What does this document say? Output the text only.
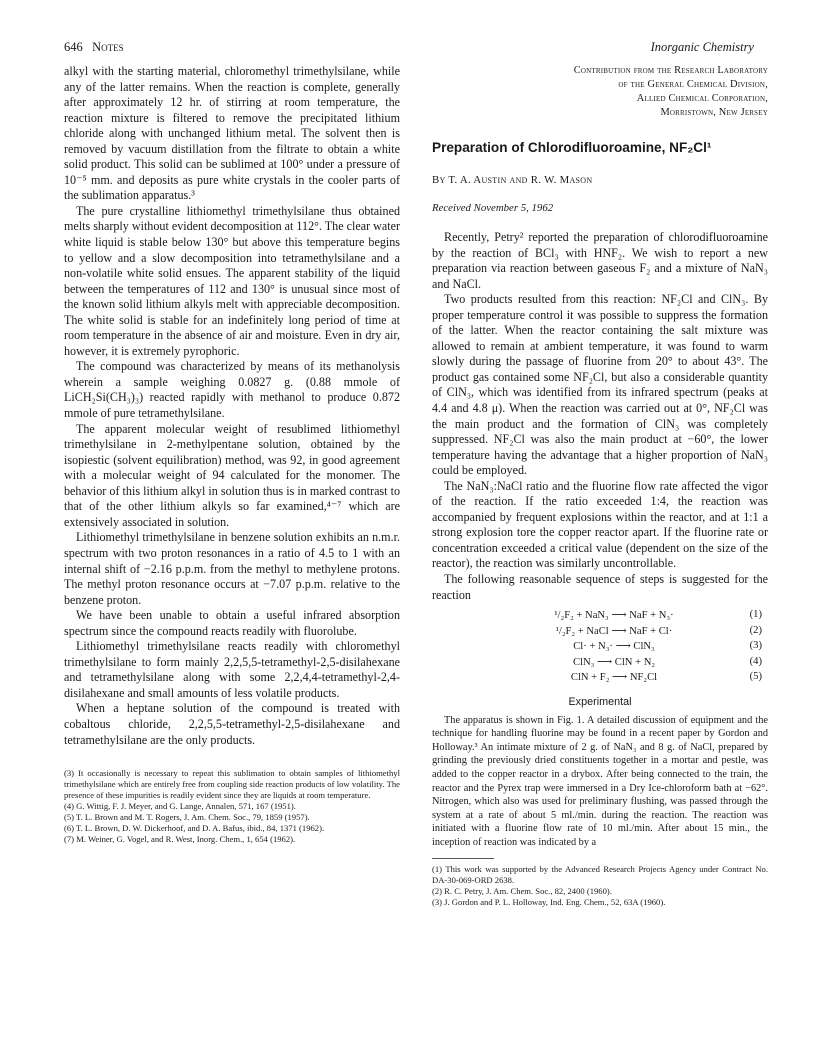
646 Notes	Inorganic Chemistry

alkyl with the starting material, chloromethyl trimethylsilane, while any of the latter remains. When the reaction is complete, generally after approximately 12 hr. of stirring at room temperature, the reaction mixture is filtered to remove the precipitated lithium chloride along with unchanged lithium metal. The solvent then is removed by vacuum distillation from the filtrate to obtain a white solid product. This solid can be sublimed at 100° under a pressure of 10⁻⁵ mm. and deposits as pure white crystals in the cooler parts of the sublimation apparatus.³

The pure crystalline lithiomethyl trimethylsilane thus obtained melts sharply without evident decomposition at 112°. The clear water white liquid is stable below 130° but above this temperature begins to yellow and a slow decomposition into tetramethylsilane and a non-volatile white solid ensues. The apparent stability of the liquid between the temperatures of 112 and 130° is unusual since most of the known solid lithium alkyls melt with appreciable decomposition. The white solid is stable for an indefinitely long period of time at room temperature in the absence of air and moisture. Even in dry air, however, it is extremely pyrophoric.

The compound was characterized by means of its methanolysis wherein a sample weighing 0.0827 g. (0.88 mmole of LiCH₂Si(CH₃)₃) reacted rapidly with methanol to produce 0.872 mmole of pure tetramethylsilane.

The apparent molecular weight of resublimed lithiomethyl trimethylsilane in 2-methylpentane solution, obtained by the isopiestic (solvent equilibration) method, was 92, in good agreement with a molecular weight of 94 calculated for the monomer. The behavior of this lithium alkyl in solution thus is in marked contrast to that of the other lithium alkyls so far examined,⁴⁻⁷ which are extensively associated in solution.

Lithiomethyl trimethylsilane in benzene solution exhibits an n.m.r. spectrum with two proton resonances in a ratio of 4.5 to 1 with an internal shift of −2.16 p.p.m. from the methyl to methylene protons. The methyl proton resonance occurs at −7.07 p.p.m. relative to the benzene proton.

We have been unable to obtain a useful infrared absorption spectrum since the compound reacts readily with fluorolube.

Lithiomethyl trimethylsilane reacts readily with chloromethyl trimethylsilane to form mainly 2,2,5,5-tetramethyl-2,5-disilahexane and tetramethylsilane along with some 2,2,4,4-tetramethyl-2,4-disilahexane and small amounts of less volatile products.

When a heptane solution of the compound is treated with cobaltous chloride, 2,2,5,5-tetramethyl-2,5-disilahexane and tetramethylsilane are the only products.

(3) It occasionally is necessary to repeat this sublimation to obtain samples of lithiomethyl trimethylsilane which are entirely free from coupling side reaction products of low volatility. The presence of these impurities is readily evident since they are liquids at room temperature.

(4) G. Wittig, F. J. Meyer, and G. Lange, Annalen, 571, 167 (1951).

(5) T. L. Brown and M. T. Rogers, J. Am. Chem. Soc., 79, 1859 (1957).

(6) T. L. Brown, D. W. Dickerhoof, and D. A. Bafus, ibid., 84, 1371 (1962).

(7) M. Weiner, G. Vogel, and R. West, Inorg. Chem., 1, 654 (1962).

Contribution from the Research Laboratory
of the General Chemical Division,
Allied Chemical Corporation,
Morristown, New Jersey
Preparation of Chlorodifluoroamine, NF₂Cl¹
By T. A. Austin and R. W. Mason
Received November 5, 1962

Recently, Petry² reported the preparation of chlorodifluoroamine by the reaction of BCl₃ with HNF₂. We wish to report a new preparation via reaction between gaseous F₂ and a mixture of NaN₃ and NaCl.

Two products resulted from this reaction: NF₂Cl and ClN₃. By proper temperature control it was possible to suppress the formation of the latter. When the reactor containing the salt mixture was allowed to remain at ambient temperature, it was found to warm slowly during the passage of fluorine from 20° to about 43°. The product gas contained some NF₂Cl, but also a considerable quantity of ClN₃, which was identified from its infrared spectrum (peaks at 4.4 and 4.8 μ). When the reaction was carried out at 0°, NF₂Cl was the main product and the formation of ClN₃ was completely suppressed. NF₂Cl was also the main product at −60°, the lower temperature having the advantage that a higher proportion of NaN₃ could be employed.

The NaN₃:NaCl ratio and the fluorine flow rate affected the vigor of the reaction. If the ratio exceeded 1:4, the reaction was accompanied by frequent explosions within the reactor, and at 1:1 a strong explosion tore the copper reactor apart. If the fluorine rate or concentration exceeded a critical value (dependent on the size of the reactor), the reaction was similarly uncontrollable.

The following reasonable sequence of steps is suggested for the reaction

¹/₂F₂ + NaN₃ ⟶ NaF + N₃·	(1)
¹/₂F₂ + NaCl ⟶ NaF + Cl·	(2)
Cl· + N₃· ⟶ ClN₃	(3)
ClN₃ ⟶ ClN + N₂	(4)
ClN + F₂ ⟶ NF₂Cl	(5)
Experimental

The apparatus is shown in Fig. 1. A detailed discussion of equipment and the technique for handling fluorine may be found in a recent paper by Gordon and Holloway.³ An intimate mixture of 2 g. of NaN₃ and 8 g. of NaCl, prepared by grinding the previously dried constituents together in a mortar and pestle, was added to the copper reactor in a drybox. After being connected to the train, the reactor and the Pyrex trap were immersed in a Dry Ice-chloroform bath at −62°. Nitrogen, which also was used for preliminary flushing, was passed through the system at a rate of about 5 ml./min. during the reaction. The reaction was initiated with a fluorine flow rate of 10 ml./min. After about 15 min., the inception of reaction was indicated by a

(1) This work was supported by the Advanced Research Projects Agency under Contract No. DA-30-069-ORD 2638.

(2) R. C. Petry, J. Am. Chem. Soc., 82, 2400 (1960).

(3) J. Gordon and P. L. Holloway, Ind. Eng. Chem., 52, 63A (1960).
